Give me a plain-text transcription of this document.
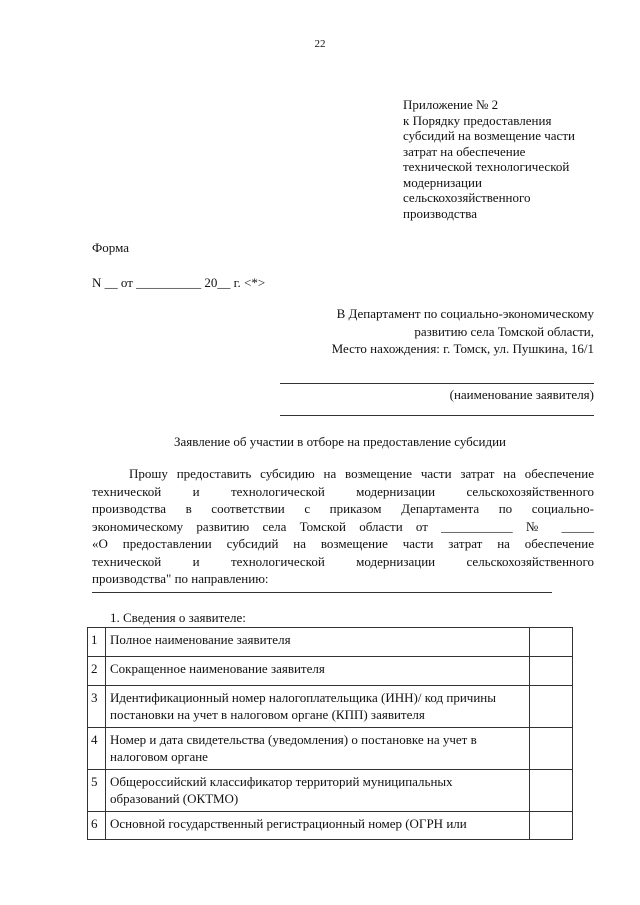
22
Приложение № 2
к Порядку предоставления
субсидий на возмещение части
затрат на обеспечение
технической технологической
модернизации
сельскохозяйственного
производства
Форма
N __ от __________ 20__ г. <*>
В Департамент по социально-экономическому
развитию села Томской области,
Место нахождения: г. Томск, ул. Пушкина, 16/1
(наименование заявителя)
Заявление об участии в отборе на предоставление субсидии
Прошу предоставить субсидию на возмещение части затрат на обеспечение
технической и технологической модернизации сельскохозяйственного
производства в соответствии с приказом Департамента по социально-
экономическому развитию села Томской области от ___________ № _____
«О предоставлении субсидий на возмещение части затрат на обеспечение
технической и технологической модернизации сельскохозяйственного
производства" по направлению:
1. Сведения о заявителе:
1	Полное наименование заявителя	
2	Сокращенное наименование заявителя	
3	Идентификационный номер налогоплательщика (ИНН)/ код причины постановки на учет в налоговом органе (КПП) заявителя	
4	Номер и дата свидетельства (уведомления) о постановке на учет в налоговом органе	
5	Общероссийский классификатор территорий муниципальных образований (ОКТМО)	
6	Основной государственный регистрационный номер (ОГРН или	
